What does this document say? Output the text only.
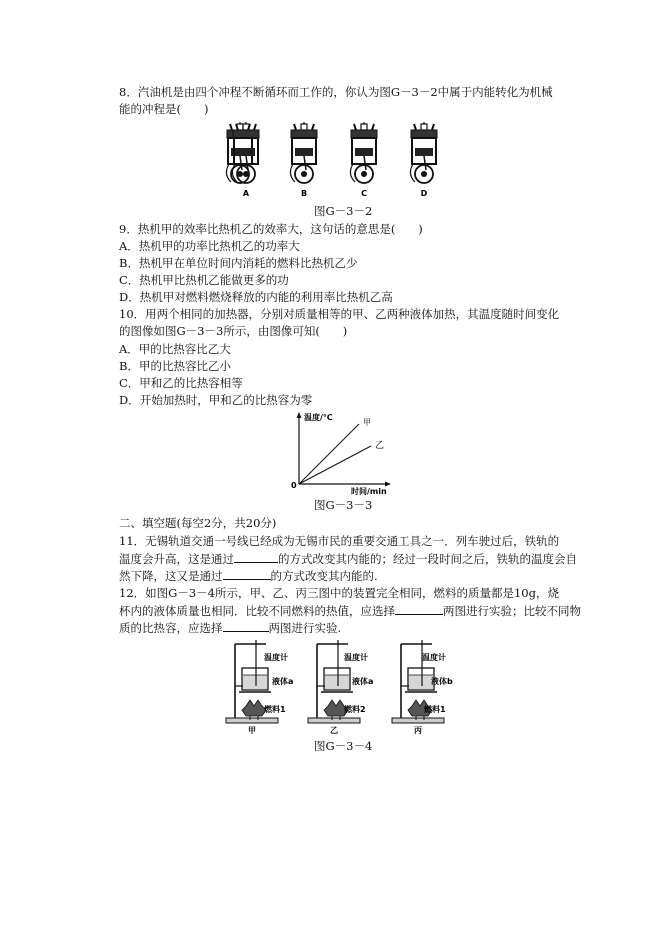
8．汽油机是由四个冲程不断循环而工作的，你认为图G－3－2中属于内能转化为机械
能的冲程是(　　)
A	B	C	D
图G－3－2
9．热机甲的效率比热机乙的效率大，这句话的意思是(　　)
A．热机甲的功率比热机乙的功率大
B．热机甲在单位时间内消耗的燃料比热机乙少
C．热机甲比热机乙能做更多的功
D．热机甲对燃料燃烧释放的内能的利用率比热机乙高
10．用两个相同的加热器，分别对质量相等的甲、乙两种液体加热，其温度随时间变化
的图像如图G－3－3所示，由图像可知(　　)
A．甲的比热容比乙大
B．甲的比热容比乙小
C．甲和乙的比热容相等
D．开始加热时，甲和乙的比热容为零
温度/℃
甲
乙
0
时间/min
图G－3－3
二、填空题(每空2分，共20分)
11．无锡轨道交通一号线已经成为无锡市民的重要交通工具之一．列车驶过后，铁轨的
温度会升高，这是通过	的方式改变其内能的；经过一段时间之后，铁轨的温度会自
然下降，这又是通过	的方式改变其内能的.
12．如图G－3－4所示，甲、乙、丙三图中的装置完全相同，燃料的质量都是10g，烧
杯内的液体质量也相同．比较不同燃料的热值，应选择	两图进行实验；比较不同物
质的比热容，应选择	两图进行实验.
温度计
液体a
燃料1
甲
温度计
液体a
燃料2
乙
温度计
液体b
燃料1
丙
图G－3－4
